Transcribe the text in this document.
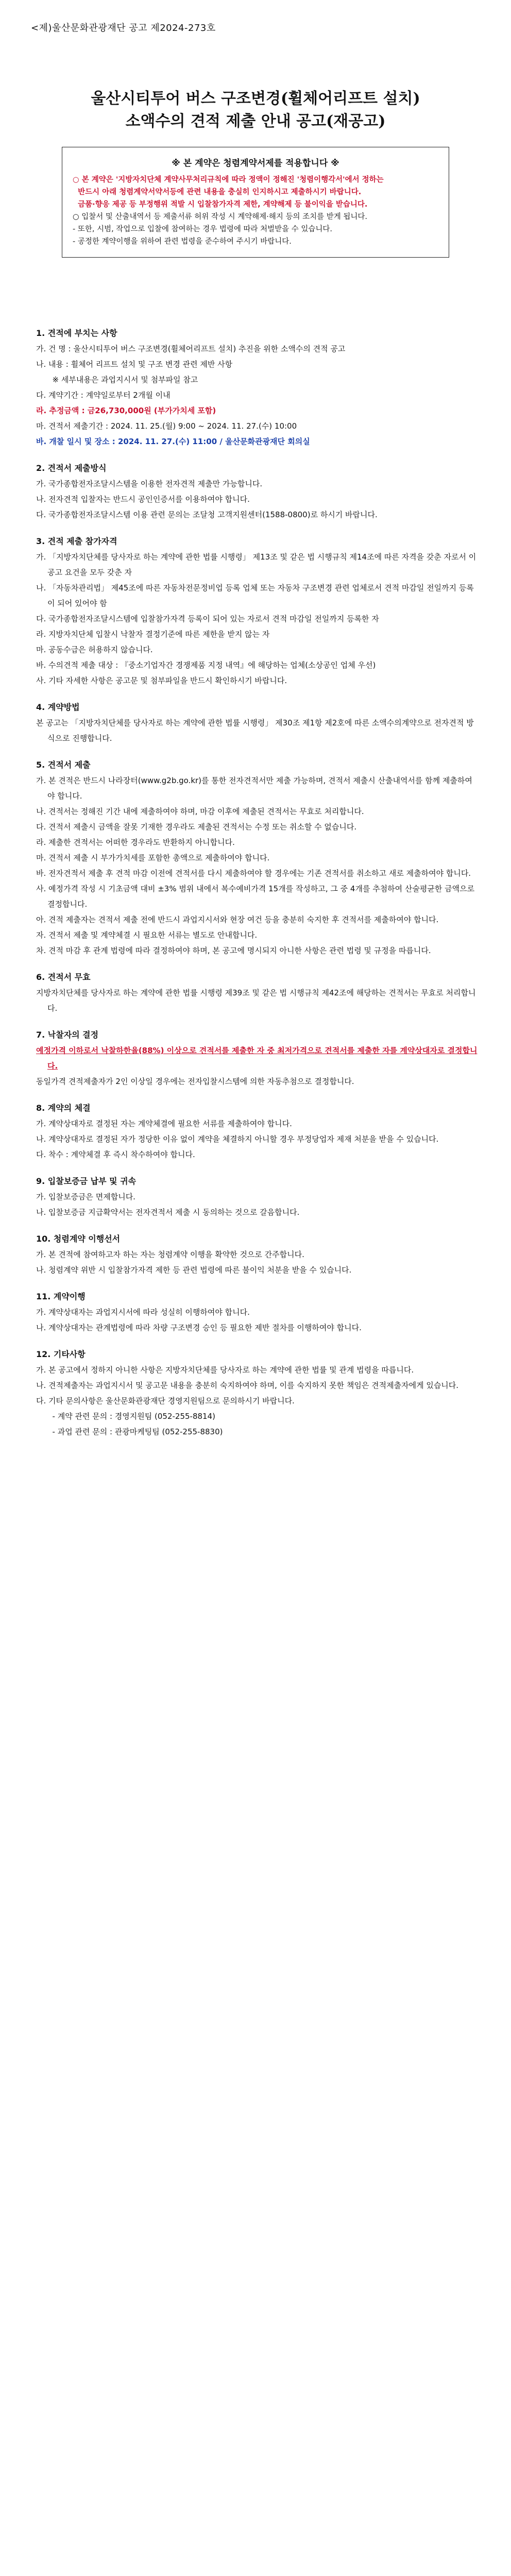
<제)울산문화관광재단 공고 제2024-273호
울산시티투어 버스 구조변경(휠체어리프트 설치)
소액수의 견적 제출 안내 공고(재공고)
※ 본 계약은 청렴계약서제를 적용합니다 ※
○ 본 계약은 '지방자치단체 계약사무처리규칙에 따라 정액이 정해진 '청렴이행각서'에서 정하는
반드시 아래 청렴계약서약서등에 관련 내용을 충실히 인지하시고 제출하시기 바랍니다.
금품·향응 제공 등 부정행위 적발 시 입찰참가자격 제한, 계약해제 등 불이익을 받습니다.
○ 입찰서 및 산출내역서 등 제출서류 허위 작성 시 계약해제·해지 등의 조치를 받게 됩니다.
- 또한, 시범, 작업으로 입찰에 참여하는 경우 법령에 따라 처벌받을 수 있습니다.
- 공정한 계약이행을 위하여 관련 법령을 준수하여 주시기 바랍니다.
1. 견적에 부치는 사항
가. 건 명 : 울산시티투어 버스 구조변경(휠체어리프트 설치) 추진을 위한 소액수의 견적 공고
나. 내용 : 휠체어 리프트 설치 및 구조 변경 관련 제반 사항
※ 세부내용은 과업지시서 및 첨부파일 참고
다. 계약기간 : 계약일로부터 2개월 이내
라. 추정금액 : 금26,730,000원 (부가가치세 포함)
마. 견적서 제출기간 : 2024. 11. 25.(월) 9:00 ~ 2024. 11. 27.(수) 10:00
바. 개찰 일시 및 장소 : 2024. 11. 27.(수) 11:00 / 울산문화관광재단 회의실
2. 견적서 제출방식
가. 국가종합전자조달시스템을 이용한 전자견적 제출만 가능합니다.
나. 전자견적 입찰자는 반드시 공인인증서를 이용하여야 합니다.
다. 국가종합전자조달시스템 이용 관련 문의는 조달청 고객지원센터(1588-0800)로 하시기 바랍니다.
3. 견적 제출 참가자격
가. 「지방자치단체를 당사자로 하는 계약에 관한 법률 시행령」 제13조 및 같은 법 시행규칙 제14조에 따른 자격을 갖춘 자로서 이 공고 요건을 모두 갖춘 자
나. 「자동차관리법」 제45조에 따른 자동차전문정비업 등록 업체 또는 자동차 구조변경 관련 업체로서 견적 마감일 전일까지 등록이 되어 있어야 함
다. 국가종합전자조달시스템에 입찰참가자격 등록이 되어 있는 자로서 견적 마감일 전일까지 등록한 자
라. 지방자치단체 입찰시 낙찰자 결정기준에 따른 제한을 받지 않는 자
마. 공동수급은 허용하지 않습니다.
바. 수의견적 제출 대상 : 『중소기업자간 경쟁제품 지정 내역』에 해당하는 업체(소상공인 업체 우선)
사. 기타 자세한 사항은 공고문 및 첨부파일을 반드시 확인하시기 바랍니다.
4. 계약방법
본 공고는 「지방자치단체를 당사자로 하는 계약에 관한 법률 시행령」 제30조 제1항 제2호에 따른 소액수의계약으로 전자견적 방식으로 진행합니다.
5. 견적서 제출
가. 본 견적은 반드시 나라장터(www.g2b.go.kr)를 통한 전자견적서만 제출 가능하며, 견적서 제출시 산출내역서를 함께 제출하여야 합니다.
나. 견적서는 정해진 기간 내에 제출하여야 하며, 마감 이후에 제출된 견적서는 무효로 처리합니다.
다. 견적서 제출시 금액을 잘못 기재한 경우라도 제출된 견적서는 수정 또는 취소할 수 없습니다.
라. 제출한 견적서는 어떠한 경우라도 반환하지 아니합니다.
마. 견적서 제출 시 부가가치세를 포함한 총액으로 제출하여야 합니다.
바. 전자견적서 제출 후 견적 마감 이전에 견적서를 다시 제출하여야 할 경우에는 기존 견적서를 취소하고 새로 제출하여야 합니다.
사. 예정가격 작성 시 기초금액 대비 ±3% 범위 내에서 복수예비가격 15개를 작성하고, 그 중 4개를 추첨하여 산술평균한 금액으로 결정합니다.
아. 견적 제출자는 견적서 제출 전에 반드시 과업지시서와 현장 여건 등을 충분히 숙지한 후 견적서를 제출하여야 합니다.
자. 견적서 제출 및 계약체결 시 필요한 서류는 별도로 안내합니다.
차. 견적 마감 후 관계 법령에 따라 결정하여야 하며, 본 공고에 명시되지 아니한 사항은 관련 법령 및 규정을 따릅니다.
6. 견적서 무효
지방자치단체를 당사자로 하는 계약에 관한 법률 시행령 제39조 및 같은 법 시행규칙 제42조에 해당하는 견적서는 무효로 처리합니다.
7. 낙찰자의 결정
예정가격 이하로서 낙찰하한율(88%) 이상으로 견적서를 제출한 자 중 최저가격으로 견적서를 제출한 자를 계약상대자로 결정합니다.
동일가격 견적제출자가 2인 이상일 경우에는 전자입찰시스템에 의한 자동추첨으로 결정합니다.
8. 계약의 체결
가. 계약상대자로 결정된 자는 계약체결에 필요한 서류를 제출하여야 합니다.
나. 계약상대자로 결정된 자가 정당한 이유 없이 계약을 체결하지 아니할 경우 부정당업자 제재 처분을 받을 수 있습니다.
다. 착수 : 계약체결 후 즉시 착수하여야 합니다.
9. 입찰보증금 납부 및 귀속
가. 입찰보증금은 면제합니다.
나. 입찰보증금 지급확약서는 전자견적서 제출 시 동의하는 것으로 갈음합니다.
10. 청렴계약 이행선서
가. 본 견적에 참여하고자 하는 자는 청렴계약 이행을 확약한 것으로 간주합니다.
나. 청렴계약 위반 시 입찰참가자격 제한 등 관련 법령에 따른 불이익 처분을 받을 수 있습니다.
11. 계약이행
가. 계약상대자는 과업지시서에 따라 성실히 이행하여야 합니다.
나. 계약상대자는 관계법령에 따라 차량 구조변경 승인 등 필요한 제반 절차를 이행하여야 합니다.
12. 기타사항
가. 본 공고에서 정하지 아니한 사항은 지방자치단체를 당사자로 하는 계약에 관한 법률 및 관계 법령을 따릅니다.
나. 견적제출자는 과업지시서 및 공고문 내용을 충분히 숙지하여야 하며, 이를 숙지하지 못한 책임은 견적제출자에게 있습니다.
다. 기타 문의사항은 울산문화관광재단 경영지원팀으로 문의하시기 바랍니다.
- 계약 관련 문의 : 경영지원팀 (052-255-8814)
- 과업 관련 문의 : 관광마케팅팀 (052-255-8830)
